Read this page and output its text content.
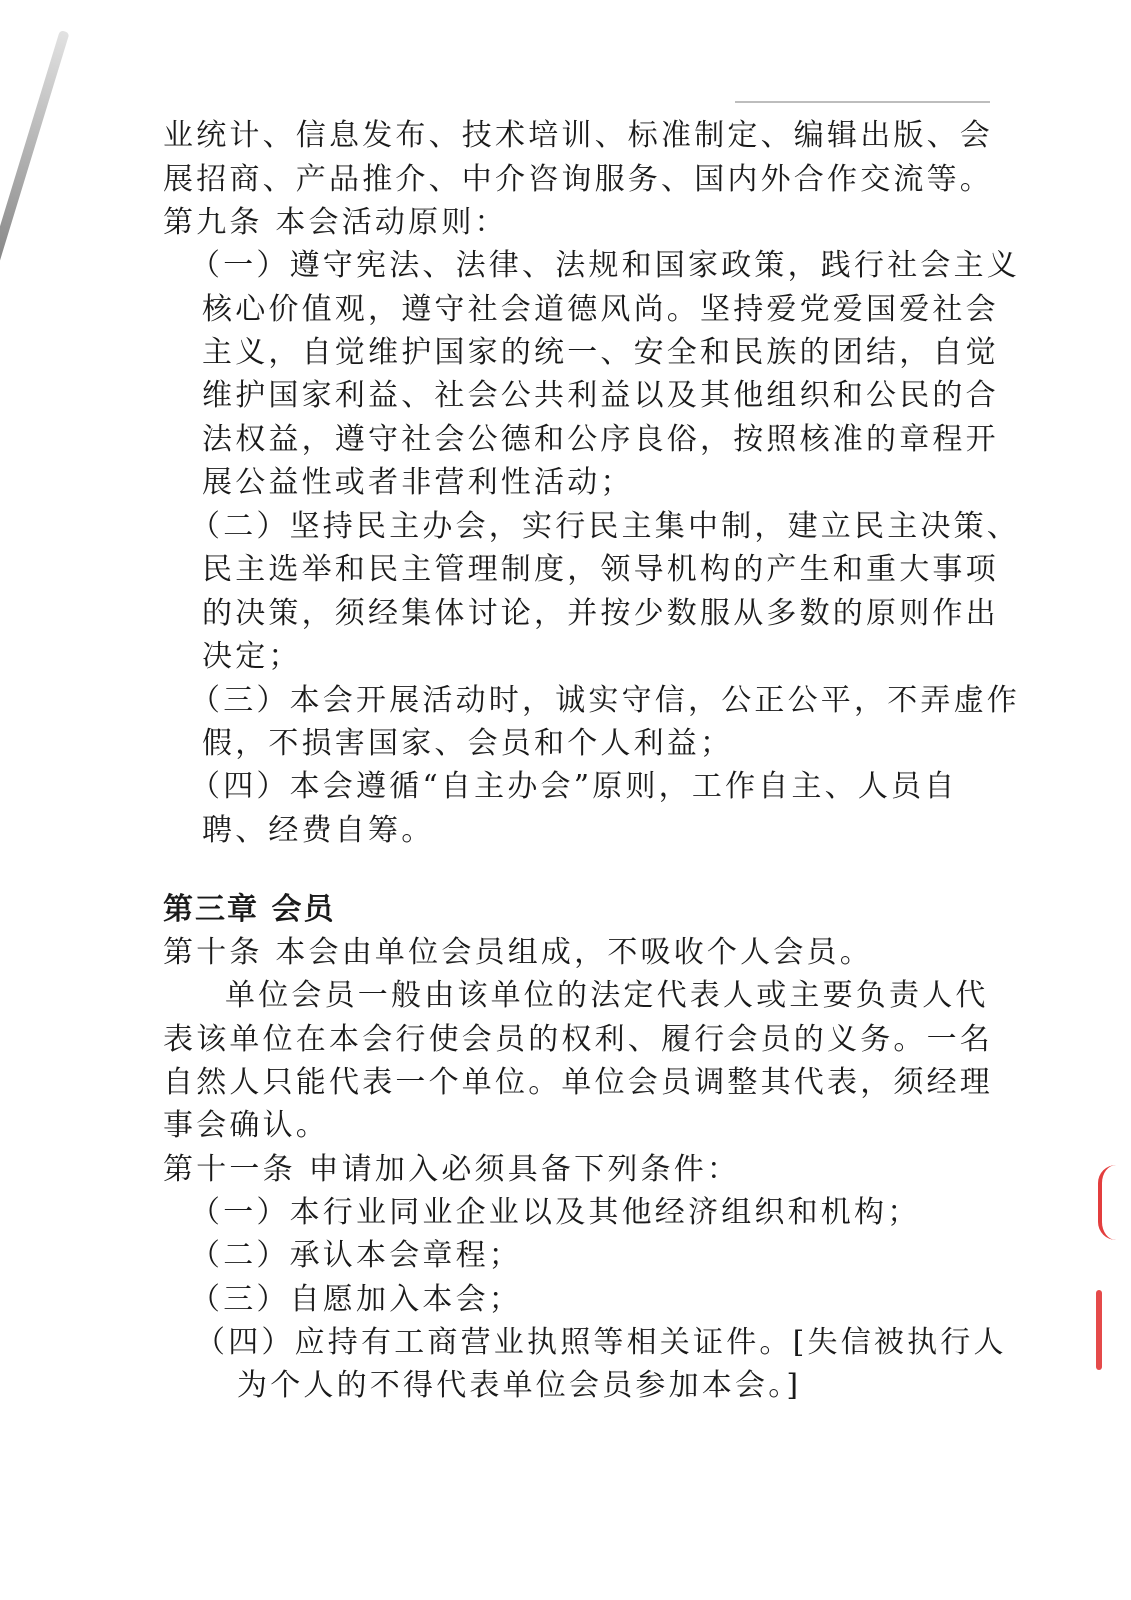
业统计、信息发布、技术培训、标准制定、编辑出版、会
展招商、产品推介、中介咨询服务、国内外合作交流等。
第九条 本会活动原则：
（一）遵守宪法、法律、法规和国家政策，践行社会主义
核心价值观，遵守社会道德风尚。坚持爱党爱国爱社会
主义，自觉维护国家的统一、安全和民族的团结，自觉
维护国家利益、社会公共利益以及其他组织和公民的合
法权益，遵守社会公德和公序良俗，按照核准的章程开
展公益性或者非营利性活动；
（二）坚持民主办会，实行民主集中制，建立民主决策、
民主选举和民主管理制度，领导机构的产生和重大事项
的决策，须经集体讨论，并按少数服从多数的原则作出
决定；
（三）本会开展活动时，诚实守信，公正公平，不弄虚作
假，不损害国家、会员和个人利益；
（四）本会遵循“自主办会”原则，工作自主、人员自
聘、经费自筹。
第三章 会员
第十条 本会由单位会员组成，不吸收个人会员。
单位会员一般由该单位的法定代表人或主要负责人代
表该单位在本会行使会员的权利、履行会员的义务。一名
自然人只能代表一个单位。单位会员调整其代表，须经理
事会确认。
第十一条 申请加入必须具备下列条件：
（一）本行业同业企业以及其他经济组织和机构；
（二）承认本会章程；
（三）自愿加入本会；
（四）应持有工商营业执照等相关证件。[失信被执行人
为个人的不得代表单位会员参加本会。]
